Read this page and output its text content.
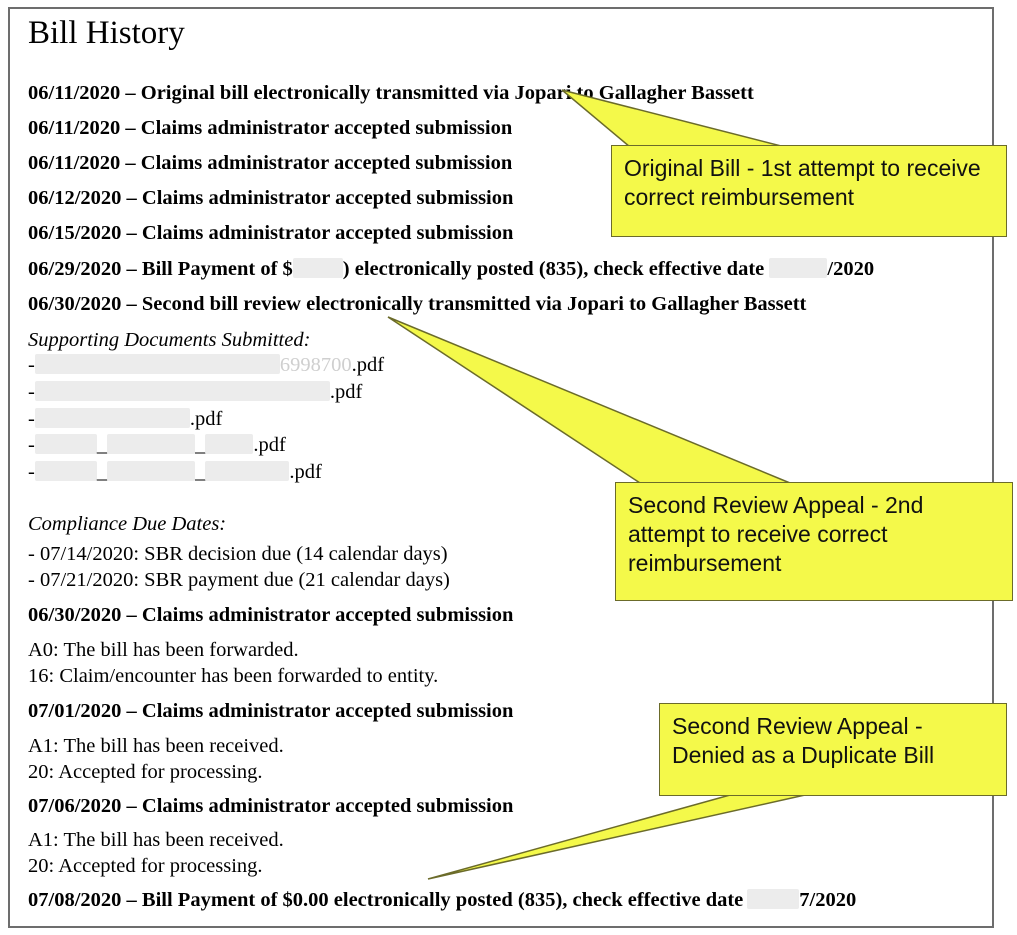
Bill History
06/11/2020 – Original bill electronically transmitted via Jopari to Gallagher Bassett
06/11/2020 – Claims administrator accepted submission
06/11/2020 – Claims administrator accepted submission
06/12/2020 – Claims administrator accepted submission
06/15/2020 – Claims administrator accepted submission
06/29/2020 – Bill Payment of $ ) electronically posted (835), check effective date	/2020
06/30/2020 – Second bill review electronically transmitted via Jopari to Gallagher Bassett
Supporting Documents Submitted:
-	6998700.pdf
-	.pdf
-	.pdf
-	_	_ .pdf
-	_	_	.pdf
Compliance Due Dates:
- 07/14/2020: SBR decision due (14 calendar days)
- 07/21/2020: SBR payment due (21 calendar days)
06/30/2020 – Claims administrator accepted submission
A0: The bill has been forwarded.
16: Claim/encounter has been forwarded to entity.
07/01/2020 – Claims administrator accepted submission
A1: The bill has been received.
20: Accepted for processing.
07/06/2020 – Claims administrator accepted submission
A1: The bill has been received.
20: Accepted for processing.
07/08/2020 – Bill Payment of $0.00 electronically posted (835), check effective date	7/2020
Original Bill - 1st attempt to receive correct reimbursement
Second Review Appeal - 2nd attempt to receive correct reimbursement
Second Review Appeal - Denied as a Duplicate Bill
